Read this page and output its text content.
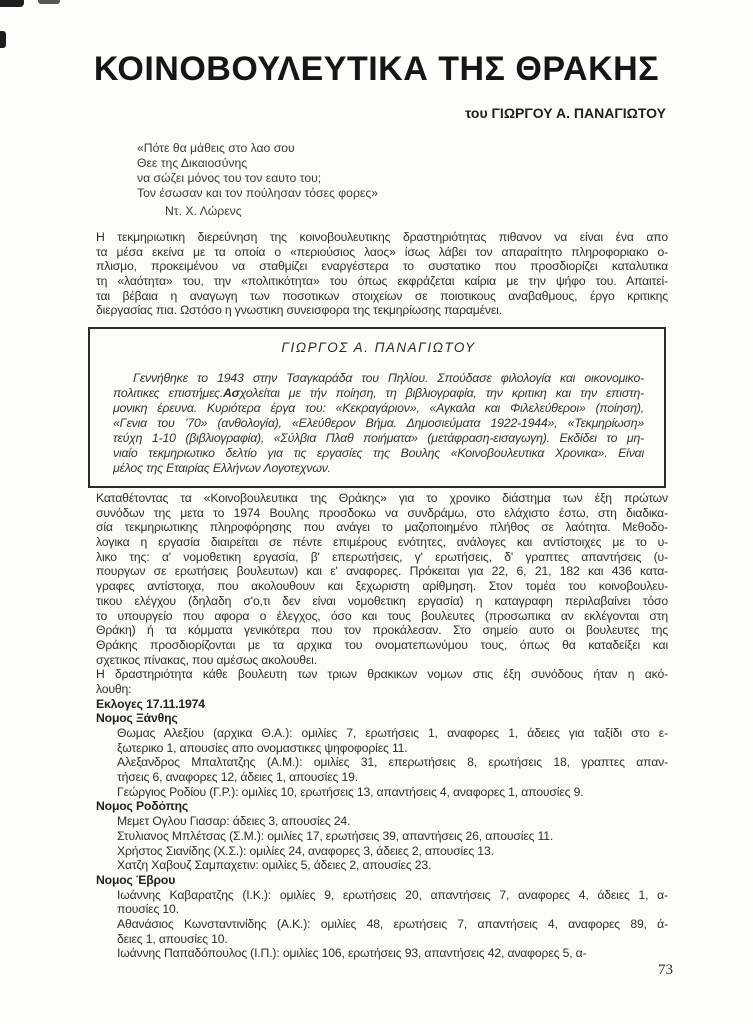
ΚΟΙΝΟΒΟΥΛΕΥΤΙΚΑ ΤΗΣ ΘΡΑΚΗΣ
του ΓΙΩΡΓΟΥ Α. ΠΑΝΑΓΙΩΤΟΥ
«Πότε θα μάθεις στο λαο σου
Θεε της Δικαιοσύνης
να σώζει μόνος του τον εαυτο του;
Τον έσωσαν και τον πούλησαν τόσες φορες»
Ντ. Χ. Λώρενς
Η τεκμηριωτικη διερεύνηση της κοινοβουλευτικης δραστηριότητας πιθανον να είναι ένα απο
τα μέσα εκείνα με τα οποία ο «περιούσιος λαος» ίσως λάβει τον απαραίτητο πληροφοριακο ο-
πλισμο, προκειμένου να σταθμίζει εναργέστερα το συστατικο που προσδιορίζει καταλυτικα
τη «λαότητα» του, την «πολιτικότητα» του όπως εκφράζεται καίρια με την ψήφο του. Απαιτεί-
ται βέβαια η αναγωγη των ποσοτικων στοιχείων σε ποιοτικους αναβαθμους, έργο κριτικης
διεργασίας πια. Ωστόσο η γνωστικη συνεισφορα της τεκμηρίωσης παραμένει.
ΓΙΩΡΓΟΣ Α. ΠΑΝΑΓΙΩΤΟΥ
Γεννήθηκε το 1943 στην Τσαγκαράδα του Πηλίου. Σπούδασε φιλολογία και οικονομικο-
πολιτικες επιστήμες.Ασχολείται με τήν ποίηση, τη βιβλιογραφία, την κριτικη και την επιστη-
μονικη έρευνα. Κυριότερα έργα του: «Κεκραγάριον», «Αγκαλα και Φιλελεύθεροι» (ποίηση),
«Γενια του ’70» (ανθολογία), «Ελεύθερον Βήμα. Δημοσιεύματα 1922-1944», «Τεκμηρίωση»
τεύχη 1-10 (βιβλιογραφία), «Σύλβια Πλαθ ποιήματα» (μετάφραση-εισαγωγη). Εκδίδει το μη-
νιαίο τεκμηριωτικο δελτίο για τις εργασίες της Βουλης «Κοινοβουλευτικα Χρονικα». Είναι
μέλος της Εταιρίας Ελλήνων Λογοτεχνων.
Καταθέτοντας τα «Κοινοβουλευτικα της Θράκης» για το χρονικο διάστημα των έξη πρώτων
συνόδων της μετα το 1974 Βουλης προσδοκω να συνδράμω, στο ελάχιστο έστω, στη διαδικα-
σία τεκμηριωτικης πληροφόρησης που ανάγει το μαζοποιημένο πλήθος σε λαότητα. Μεθοδο-
λογικα η εργασία διαιρείται σε πέντε επιμέρους ενότητες, ανάλογες και αντίστοιχες με το υ-
λικο της: α' νομοθετικη εργασία, β' επερωτήσεις, γ' ερωτήσεις, δ' γραπτες απαντήσεις (υ-
πουργων σε ερωτήσεις βουλευτων) και ε' αναφορες. Πρόκειται για 22, 6, 21, 182 και 436 κατα-
γραφες αντίστοιχα, που ακολουθουν και ξεχωριστη αρίθμηση. Στον τομέα του κοινοβουλευ-
τικου ελέγχου (δηλαδη σ'ο,τι δεν είναι νομοθετικη εργασία) η καταγραφη περιλαβαίνει τόσο
το υπουργείο που αφορα ο έλεγχος, όσο και τους βουλευτες (προσωπικα αν εκλέγονται στη
Θράκη) ή τα κόμματα γενικότερα που τον προκάλεσαν. Στο σημείο αυτο οι βουλευτες της
Θράκης προσδιορίζονται με τα αρχικα του ονοματεπωνύμου τους, όπως θα καταδείξει και
σχετικος πίνακας, που αμέσως ακολουθει.
Η δραστηριότητα κάθε βουλευτη των τριων θρακικων νομων στις έξη συνόδους ήταν η ακό-
λουθη:
Εκλογες 17.11.1974
Νομος Ξάνθης
Θωμας Αλεξίου (αρχικα Θ.Α.): ομιλίες 7, ερωτήσεις 1, αναφορες 1, άδειες για ταξίδι στο ε-
ξωτερικο 1, απουσίες απο ονομαστικες ψηφοφορίες 11.
Αλεξανδρος Μπαλτατζης (Α.Μ.): ομιλίες 31, επερωτήσεις 8, ερωτήσεις 18, γραπτες απαν-
τήσεις 6, αναφορες 12, άδειες 1, απουσίες 19.
Γεώργιος Ροδίου (Γ.Ρ.): ομιλίες 10, ερωτήσεις 13, απαντήσεις 4, αναφορες 1, απουσίες 9.
Νομος Ροδόπης
Μεμετ Ογλου Γιασαρ: άδειες 3, απουσίες 24.
Στυλιανος Μπλέτσας (Σ.Μ.): ομιλίες 17, ερωτήσεις 39, απαντήσεις 26, απουσίες 11.
Χρήστος Σιανίδης (Χ.Σ.): ομιλίες 24, αναφορες 3, άδειες 2, απουσίες 13.
Χατζη Χαβουζ Σαμπαχετιν: ομιλίες 5, άδειες 2, απουσίες 23.
Νομος Έβρου
Ιωάννης Καβαρατζης (Ι.Κ.): ομιλίες 9, ερωτήσεις 20, απαντήσεις 7, αναφορες 4, άδειες 1, α-
πουσίες 10.
Αθανάσιος Κωνσταντινίδης (Α.Κ.): ομιλίες 48, ερωτήσεις 7, απαντήσεις 4, αναφορες 89, ά-
δειες 1, απουσίες 10.
Ιωάννης Παπαδόπουλος (Ι.Π.): ομιλίες 106, ερωτήσεις 93, απαντήσεις 42, αναφορες 5, α-
73
